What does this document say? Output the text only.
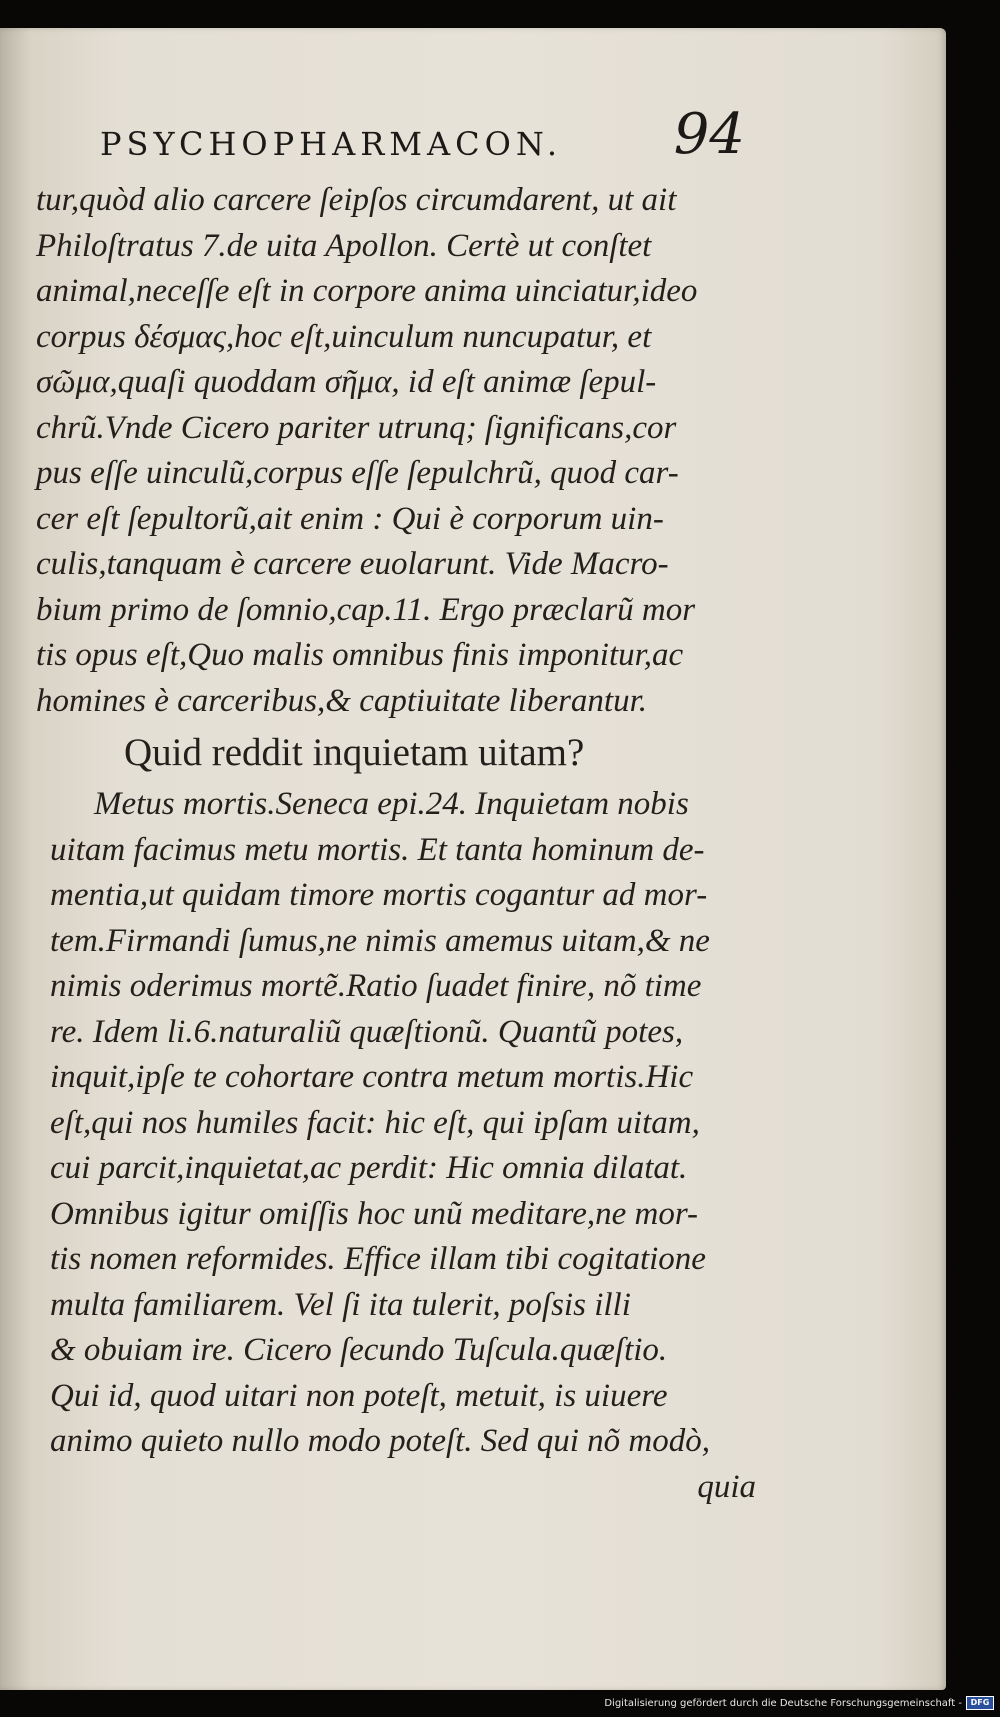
PSYCHOPHARMACON. 94
tur,quòd alio carcere ſeipſos circumdarent, ut ait
Philoſtratus 7.de uita Apollon. Certè ut conſtet
animal,neceſſe eſt in corpore anima uinciatur,ideo
corpus δέσμας,hoc eſt,uinculum nuncupatur, et
σῶμα,quaſi quoddam σῆμα, id eſt animæ ſepul-
chrũ.Vnde Cicero pariter utrunq; ſignificans,cor
pus eſſe uinculũ,corpus eſſe ſepulchrũ, quod car-
cer eſt ſepultorũ,ait enim : Qui è corporum uin-
culis,tanquam è carcere euolarunt. Vide Macro-
bium primo de ſomnio,cap.11. Ergo præclarũ mor
tis opus eſt,Quo malis omnibus finis imponitur,ac
homines è carceribus,& captiuitate liberantur.
Quid reddit inquietam uitam?
Metus mortis.Seneca epi.24. Inquietam nobis
uitam facimus metu mortis. Et tanta hominum de-
mentia,ut quidam timore mortis cogantur ad mor-
tem.Firmandi ſumus,ne nimis amemus uitam,& ne
nimis oderimus mortẽ.Ratio ſuadet finire, nõ time
re. Idem li.6.naturaliũ quæſtionũ. Quantũ potes,
inquit,ipſe te cohortare contra metum mortis.Hic
eſt,qui nos humiles facit: hic eſt, qui ipſam uitam,
cui parcit,inquietat,ac perdit: Hic omnia dilatat.
Omnibus igitur omiſſis hoc unũ meditare,ne mor-
tis nomen reformides. Effice illam tibi cogitatione
multa familiarem. Vel ſi ita tulerit, poſsis illi
& obuiam ire. Cicero ſecundo Tuſcula.quæſtio.
Qui id, quod uitari non poteſt, metuit, is uiuere
animo quieto nullo modo poteſt. Sed qui nõ modò,
quia
Digitalisierung gefördert durch die Deutsche Forschungsgemeinschaft - DFG
